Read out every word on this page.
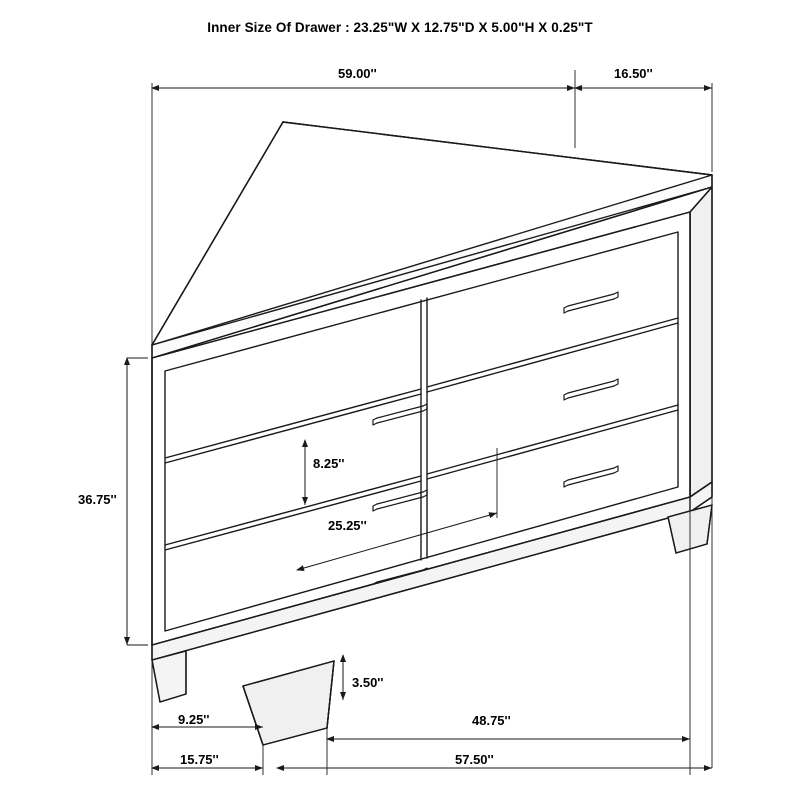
Inner Size Of Drawer : 23.25"W X 12.75"D X 5.00"H X 0.25"T
59.00''	16.50''
36.75''
8.25''
25.25''
3.50''
9.25''	48.75''
15.75''	57.50''
